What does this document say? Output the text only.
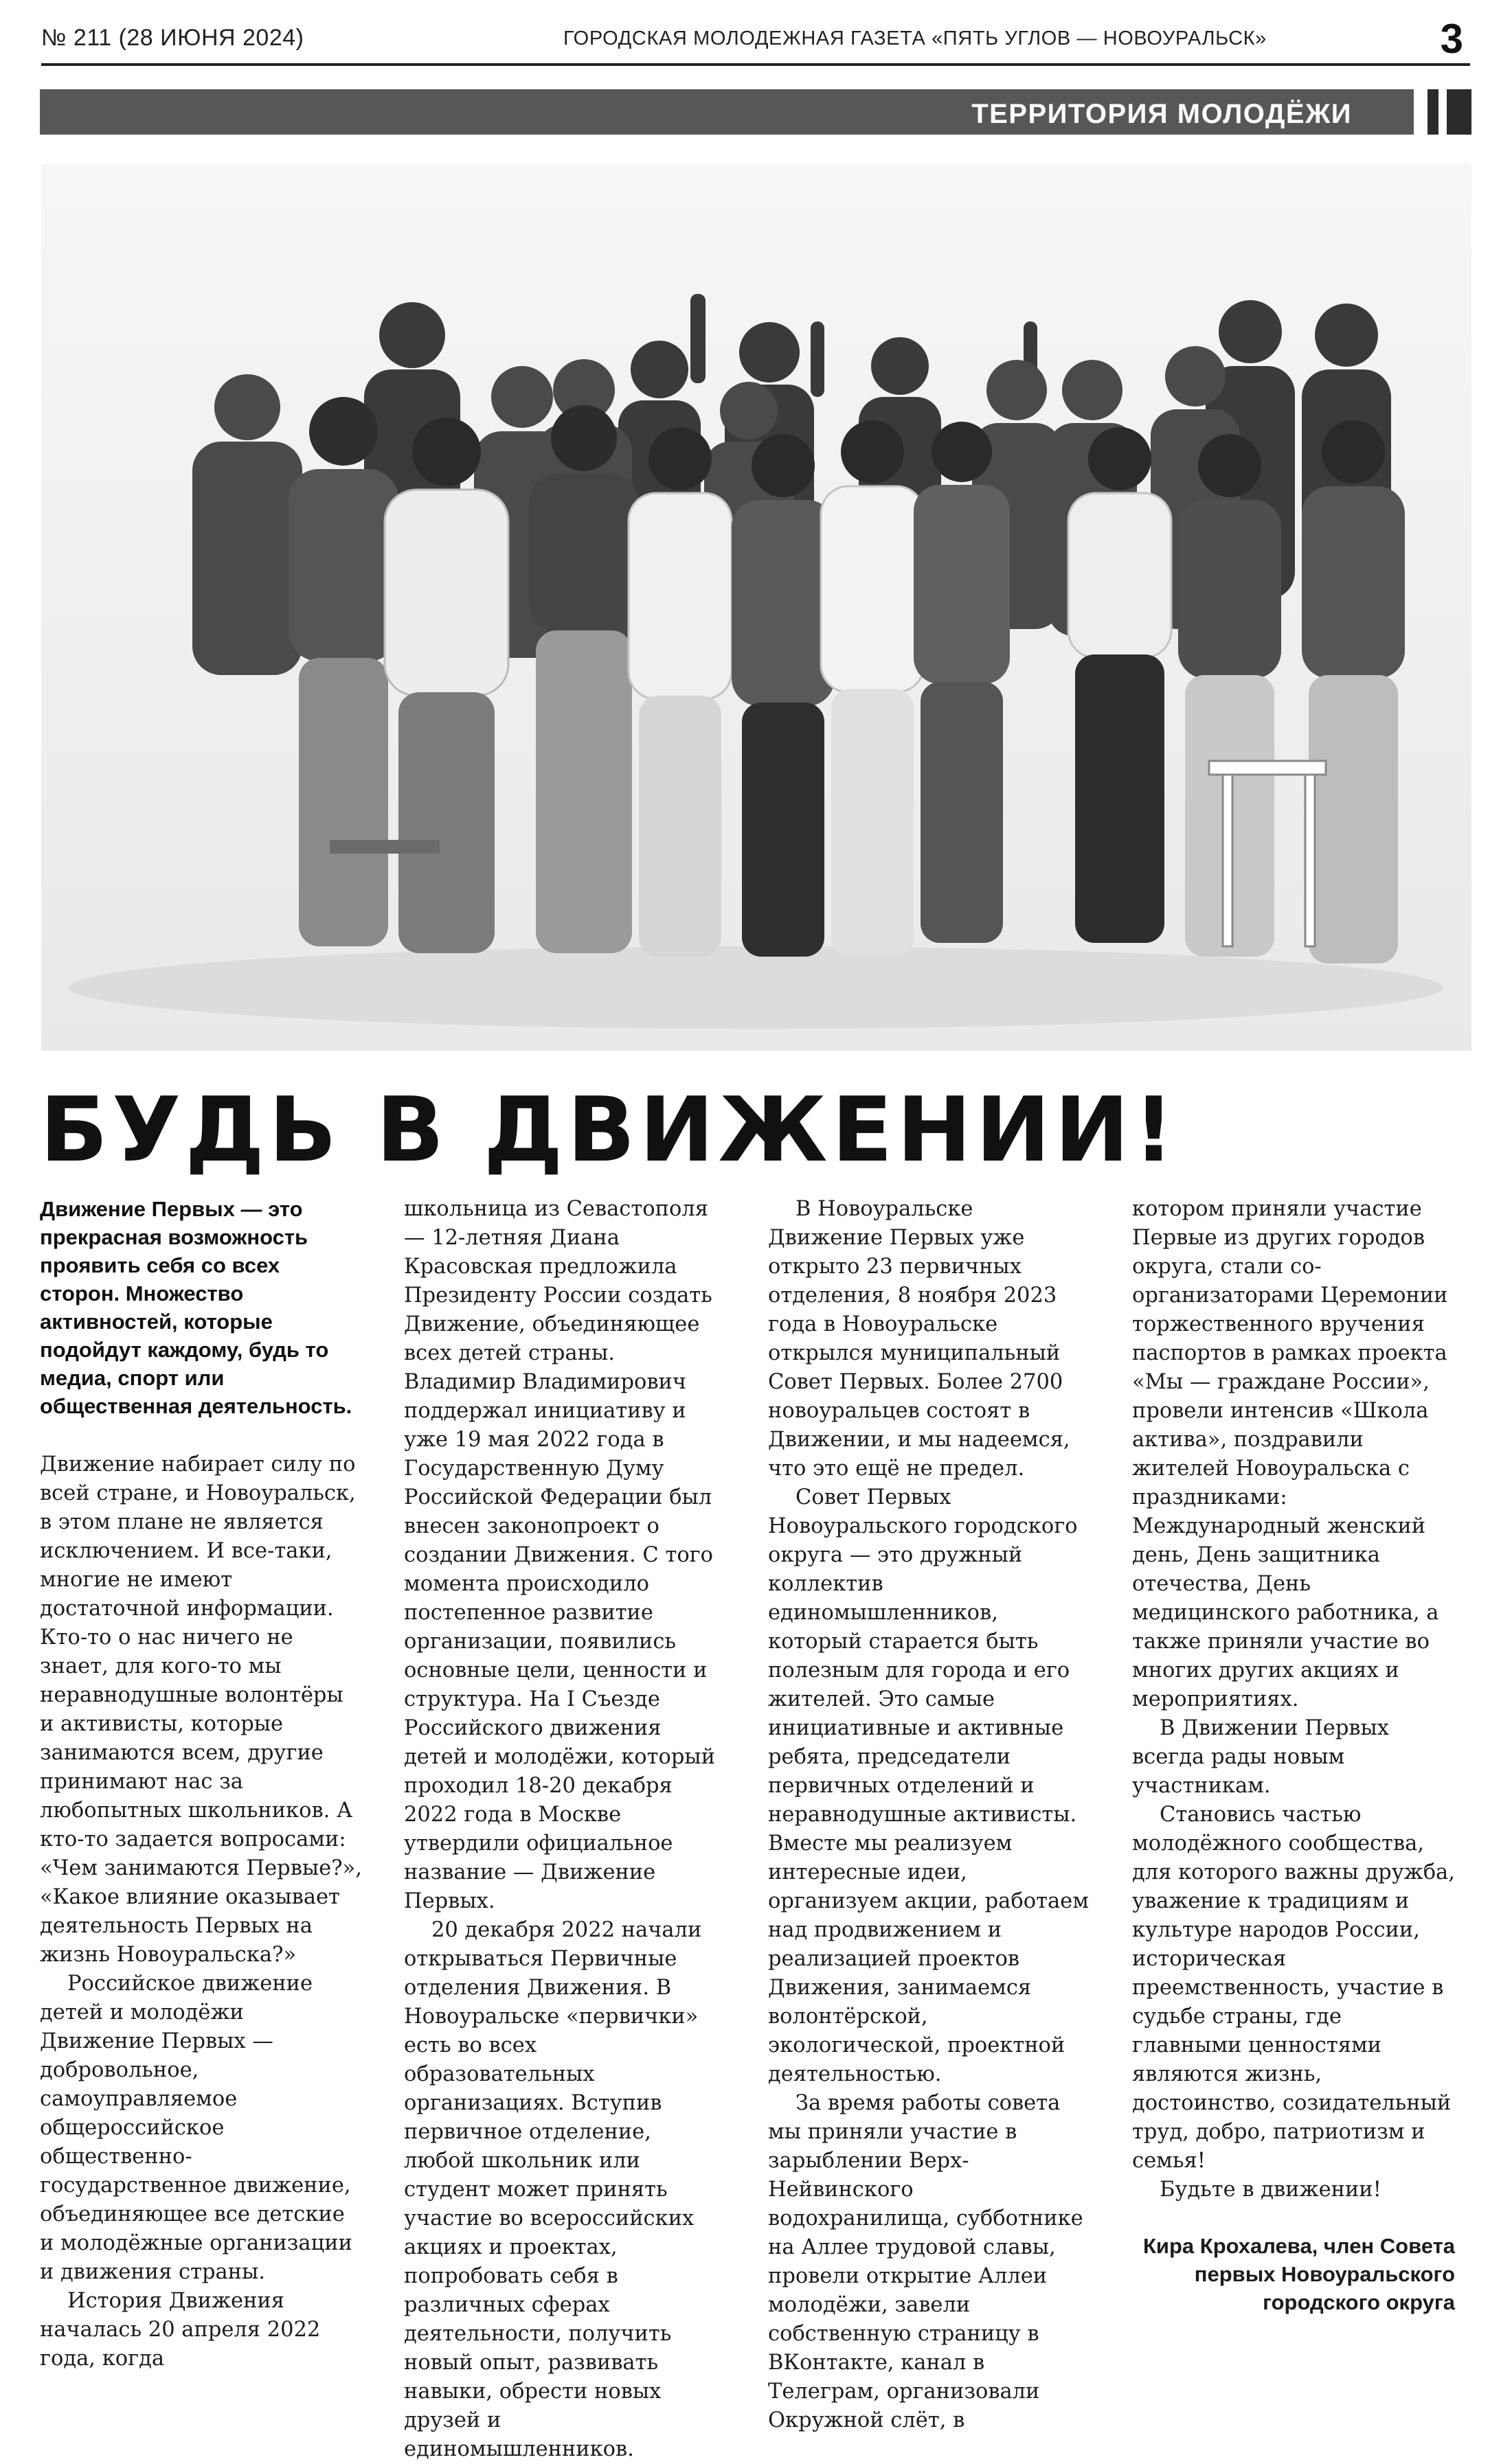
№ 211 (28 ИЮНЯ 2024)	ГОРОДСКАЯ МОЛОДЕЖНАЯ ГАЗЕТА «ПЯТЬ УГЛОВ — НОВОУРАЛЬСК»	3
ТЕРРИТОРИЯ МОЛОДЁЖИ
БУДЬ В ДВИЖЕНИИ!

Движение Первых — это прекрасная возможность проявить себя со всех сторон. Множество активностей, которые подойдут каждому, будь то медиа, спорт или общественная деятельность.

Движение набирает силу по всей стране, и Новоуральск, в этом плане не является исключением. И все-таки, многие не имеют достаточной информации. Кто-то о нас ничего не знает, для кого-то мы неравнодушные волонтёры и активисты, которые занимаются всем, другие принимают нас за любопытных школьников. А кто-то задается вопросами: «Чем занимаются Первые?», «Какое влияние оказывает деятельность Первых на жизнь Новоуральска?»

Российское движение детей и молодёжи Движение Первых — добровольное, самоуправляемое общероссийское общественно-государственное движение, объединяющее все детские и молодёжные организации и движения страны.

История Движения началась 20 апреля 2022 года, когда

школьница из Севастополя — 12-летняя Диана Красовская предложила Президенту России создать Движение, объединяющее всех детей страны. Владимир Владимирович поддержал инициативу и уже 19 мая 2022 года в Государственную Думу Российской Федерации был внесен законопроект о создании Движения. С того момента происходило постепенное развитие организации, появились основные цели, ценности и структура. На I Съезде Российского движения детей и молодёжи, который проходил 18-20 декабря 2022 года в Москве утвердили официальное название — Движение Первых.

20 декабря 2022 начали открываться Первичные отделения Движения. В Новоуральске «первички» есть во всех образовательных организациях. Вступив первичное отделение, любой школьник или студент может принять участие во всероссийских акциях и проектах, попробовать себя в различных сферах деятельности, получить новый опыт, развивать навыки, обрести новых друзей и единомышленников.

В Новоуральске Движение Первых уже открыто 23 первичных отделения, 8 ноября 2023 года в Новоуральске открылся муниципальный Совет Первых. Более 2700 новоуральцев состоят в Движении, и мы надеемся, что это ещё не предел.

Совет Первых Новоуральского городского округа — это дружный коллектив единомышленников, который старается быть полезным для города и его жителей. Это самые инициативные и активные ребята, председатели первичных отделений и неравнодушные активисты. Вместе мы реализуем интересные идеи, организуем акции, работаем над продвижением и реализацией проектов Движения, занимаемся волонтёрской, экологической, проектной деятельностью.

За время работы совета мы приняли участие в зарыблении Верх-Нейвинского водохранилища, субботнике на Аллее трудовой славы, провели открытие Аллеи молодёжи, завели собственную страницу в ВКонтакте, канал в Телеграм, организовали Окружной слёт, в

котором приняли участие Первые из других городов округа, стали со-организаторами Церемонии торжественного вручения паспортов в рамках проекта «Мы — граждане России», провели интенсив «Школа актива», поздравили жителей Новоуральска с праздниками: Международный женский день, День защитника отечества, День медицинского работника, а также приняли участие во многих других акциях и мероприятиях.

В Движении Первых всегда рады новым участникам.

Становись частью молодёжного сообщества, для которого важны дружба, уважение к традициям и культуре народов России, историческая преемственность, участие в судьбе страны, где главными ценностями являются жизнь, достоинство, созидательный труд, добро, патриотизм и семья!

Будьте в движении!

Кира Крохалева, член Совета первых Новоуральского городского округа
